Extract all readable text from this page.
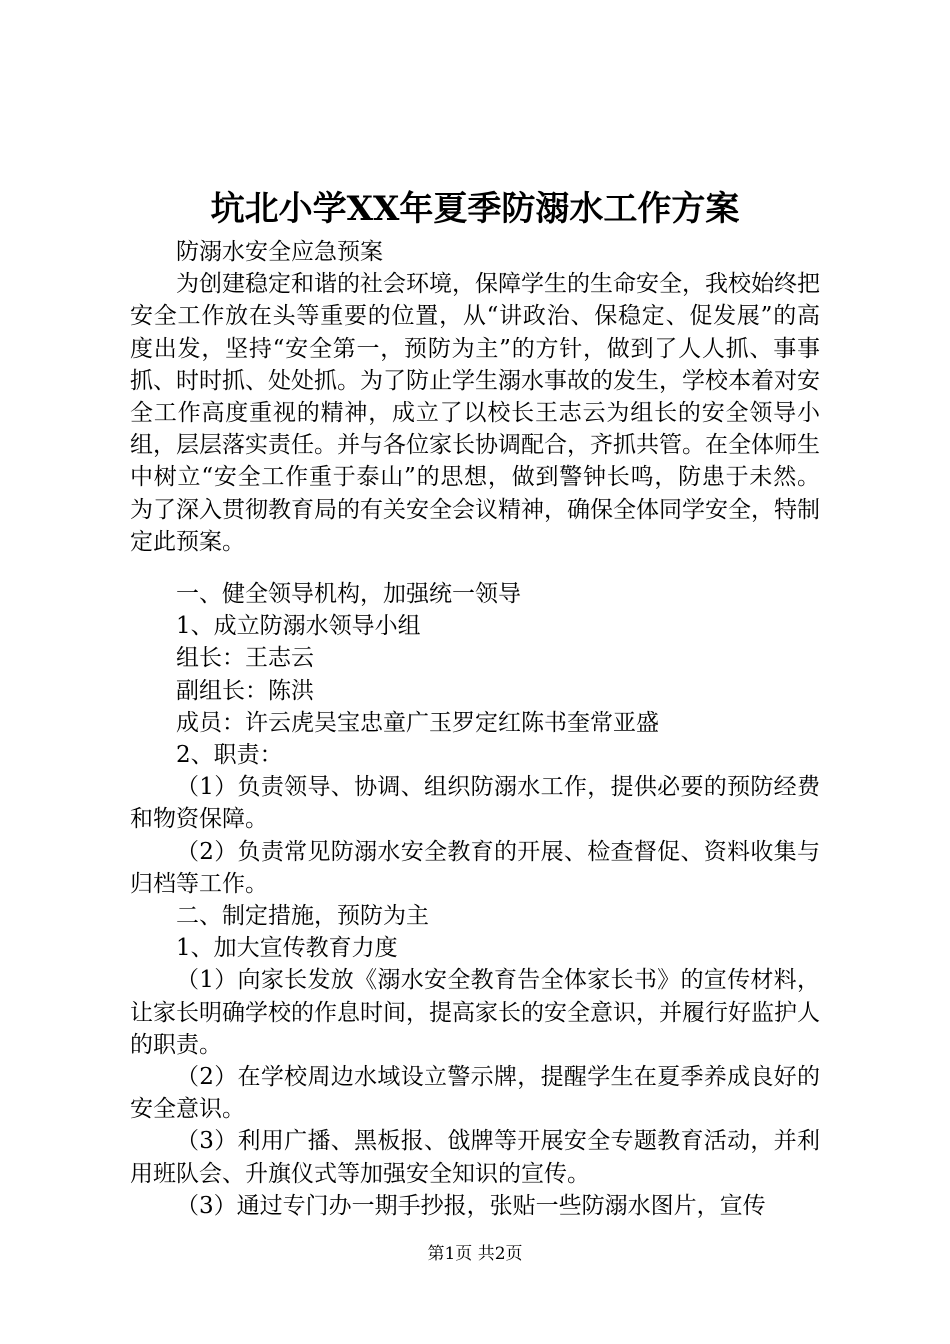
坑北小学XX年夏季防溺水工作方案

防溺水安全应急预案

为创建稳定和谐的社会环境，保障学生的生命安全，我校始终把安全工作放在头等重要的位置，从“讲政治、保稳定、促发展”的高度出发，坚持“安全第一，预防为主”的方针，做到了人人抓、事事抓、时时抓、处处抓。为了防止学生溺水事故的发生，学校本着对安全工作高度重视的精神，成立了以校长王志云为组长的安全领导小组，层层落实责任。并与各位家长协调配合，齐抓共管。在全体师生中树立“安全工作重于泰山”的思想，做到警钟长鸣，防患于未然。为了深入贯彻教育局的有关安全会议精神，确保全体同学安全，特制定此预案。

一、健全领导机构，加强统一领导

1、成立防溺水领导小组

组长：王志云

副组长：陈洪

成员：许云虎吴宝忠童广玉罗定红陈书奎常亚盛

2、职责：

（1）负责领导、协调、组织防溺水工作，提供必要的预防经费和物资保障。

（2）负责常见防溺水安全教育的开展、检查督促、资料收集与归档等工作。

二、制定措施，预防为主

1、加大宣传教育力度

（1）向家长发放《溺水安全教育告全体家长书》的宣传材料，让家长明确学校的作息时间，提高家长的安全意识，并履行好监护人的职责。

（2）在学校周边水域设立警示牌，提醒学生在夏季养成良好的安全意识。

（3）利用广播、黑板报、戗牌等开展安全专题教育活动，并利用班队会、升旗仪式等加强安全知识的宣传。

（3）通过专门办一期手抄报，张贴一些防溺水图片，宣传

第1页 共2页
